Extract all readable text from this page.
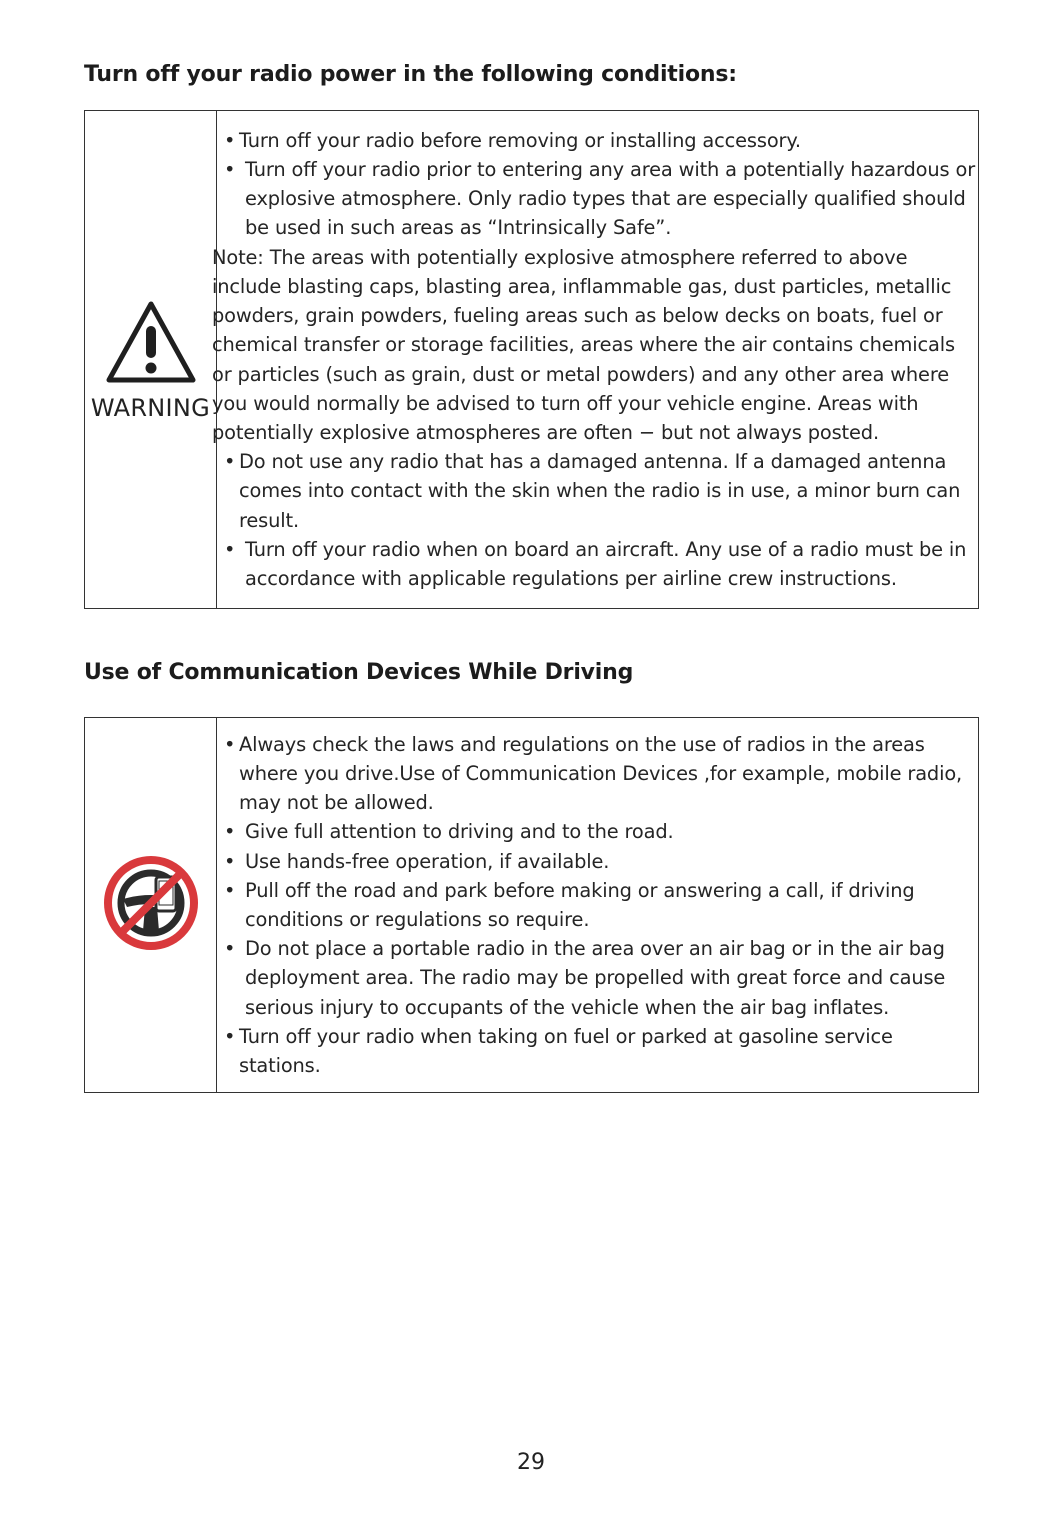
Turn off your radio power in the following conditions:
WARNING

• Turn off your radio before removing or installing accessory.
• Turn off your radio prior to entering any area with a potentially hazardous or explosive atmosphere. Only radio types that are especially qualified should be used in such areas as “Intrinsically Safe”.
Note: The areas with potentially explosive atmosphere referred to above include blasting caps, blasting area, inflammable gas, dust particles, metallic powders, grain powders, fueling areas such as below decks on boats, fuel or chemical transfer or storage facilities, areas where the air contains chemicals or particles (such as grain, dust or metal powders) and any other area where you would normally be advised to turn off your vehicle engine. Areas with potentially explosive atmospheres are often − but not always posted.
• Do not use any radio that has a damaged antenna. If a damaged antenna comes into contact with the skin when the radio is in use, a minor burn can result.
• Turn off your radio when on board an aircraft. Any use of a radio must be in accordance with applicable regulations per airline crew instructions.
Use of Communication Devices While Driving

• Always check the laws and regulations on the use of radios in the areas where you drive.Use of Communication Devices ,for example, mobile radio, may not be allowed.
• Give full attention to driving and to the road.
• Use hands-free operation, if available.
• Pull off the road and park before making or answering a call, if driving conditions or regulations so require.
• Do not place a portable radio in the area over an air bag or in the air bag deployment area. The radio may be propelled with great force and cause serious injury to occupants of the vehicle when the air bag inflates.
• Turn off your radio when taking on fuel or parked at gasoline service stations.
29
